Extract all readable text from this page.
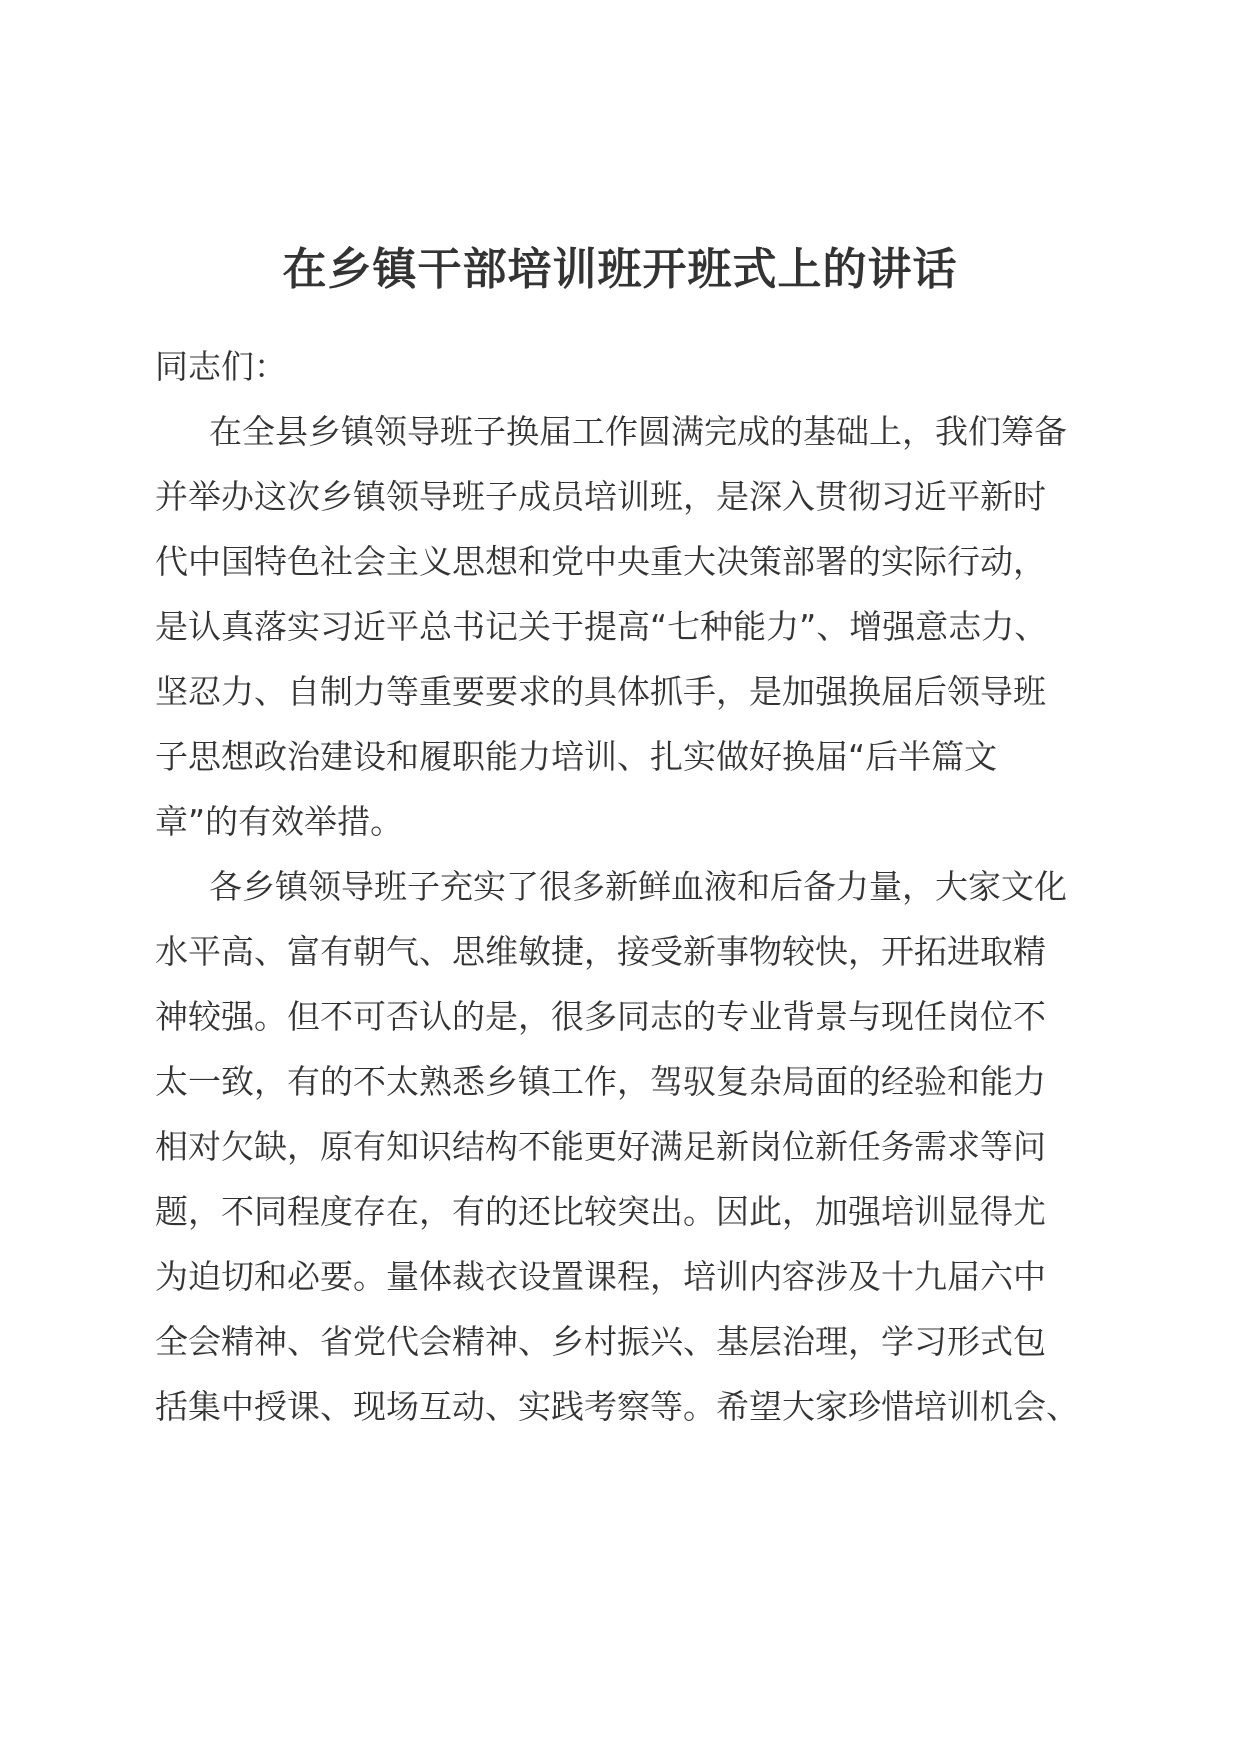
在乡镇干部培训班开班式上的讲话
同志们：
在全县乡镇领导班子换届工作圆满完成的基础上，我们筹备
并举办这次乡镇领导班子成员培训班，是深入贯彻习近平新时
代中国特色社会主义思想和党中央重大决策部署的实际行动，
是认真落实习近平总书记关于提高“七种能力”、增强意志力、
坚忍力、自制力等重要要求的具体抓手，是加强换届后领导班
子思想政治建设和履职能力培训、扎实做好换届“后半篇文
章”的有效举措。
各乡镇领导班子充实了很多新鲜血液和后备力量，大家文化
水平高、富有朝气、思维敏捷，接受新事物较快，开拓进取精
神较强。但不可否认的是，很多同志的专业背景与现任岗位不
太一致，有的不太熟悉乡镇工作，驾驭复杂局面的经验和能力
相对欠缺，原有知识结构不能更好满足新岗位新任务需求等问
题，不同程度存在，有的还比较突出。因此，加强培训显得尤
为迫切和必要。量体裁衣设置课程，培训内容涉及十九届六中
全会精神、省党代会精神、乡村振兴、基层治理，学习形式包
括集中授课、现场互动、实践考察等。希望大家珍惜培训机会、
